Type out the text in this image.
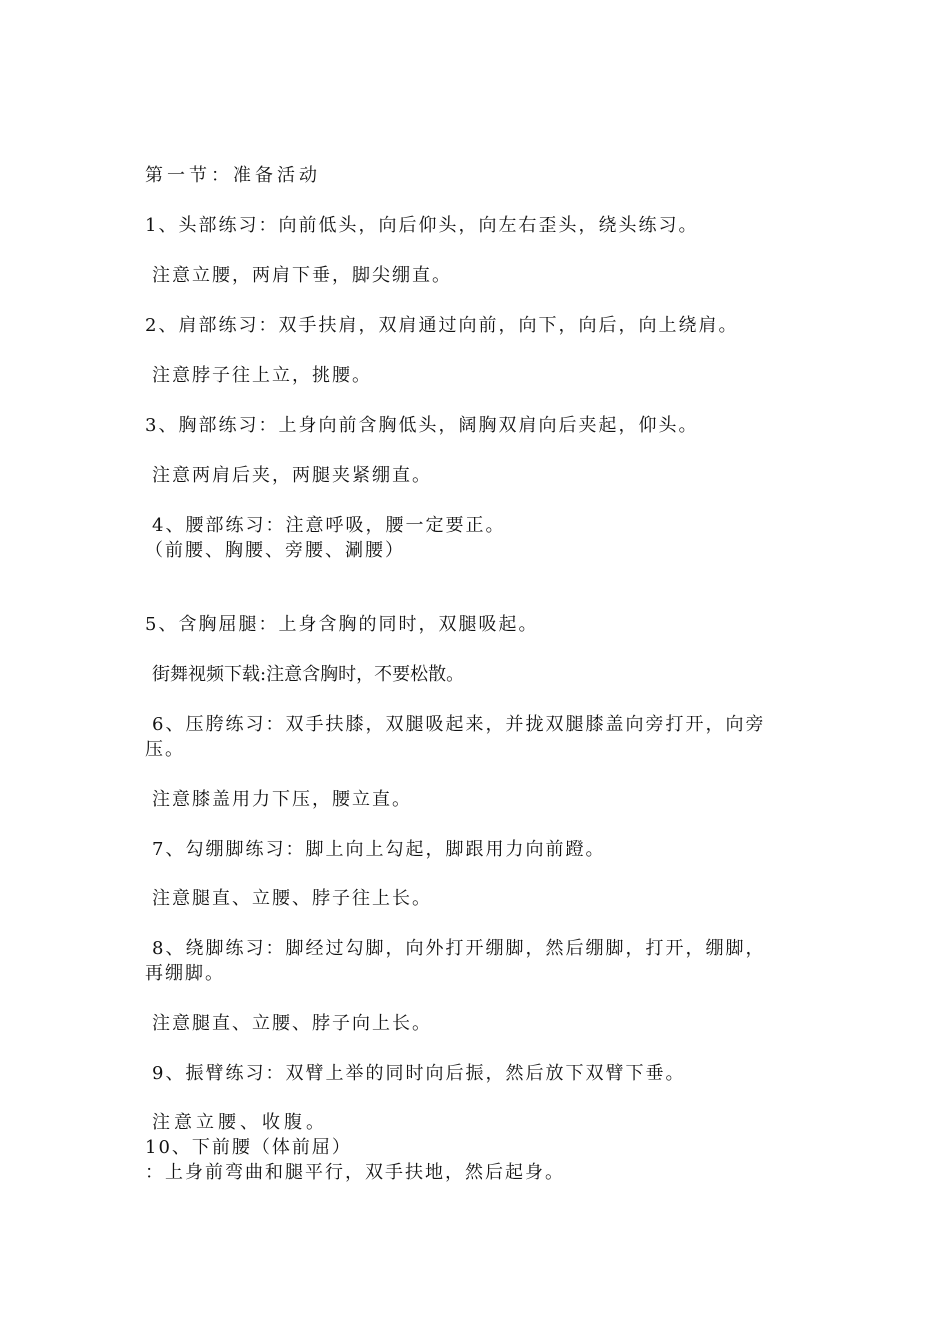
第一节：准备活动
1、头部练习：向前低头，向后仰头，向左右歪头，绕头练习。
注意立腰，两肩下垂，脚尖绷直。
2、肩部练习：双手扶肩，双肩通过向前，向下，向后，向上绕肩。
注意脖子往上立，挑腰。
3、胸部练习：上身向前含胸低头，阔胸双肩向后夹起，仰头。
注意两肩后夹，两腿夹紧绷直。
4、腰部练习：注意呼吸，腰一定要正。
（前腰、胸腰、旁腰、涮腰）
5、含胸屈腿：上身含胸的同时，双腿吸起。
街舞视频下载:注意含胸时，不要松散。
6、压胯练习：双手扶膝，双腿吸起来，并拢双腿膝盖向旁打开，向旁
压。
注意膝盖用力下压，腰立直。
7、勾绷脚练习：脚上向上勾起，脚跟用力向前蹬。
注意腿直、立腰、脖子往上长。
8、绕脚练习：脚经过勾脚，向外打开绷脚，然后绷脚，打开，绷脚，
再绷脚。
注意腿直、立腰、脖子向上长。
9、振臂练习：双臂上举的同时向后振，然后放下双臂下垂。
注意立腰、收腹。
10、下前腰（体前屈）
：上身前弯曲和腿平行，双手扶地，然后起身。
